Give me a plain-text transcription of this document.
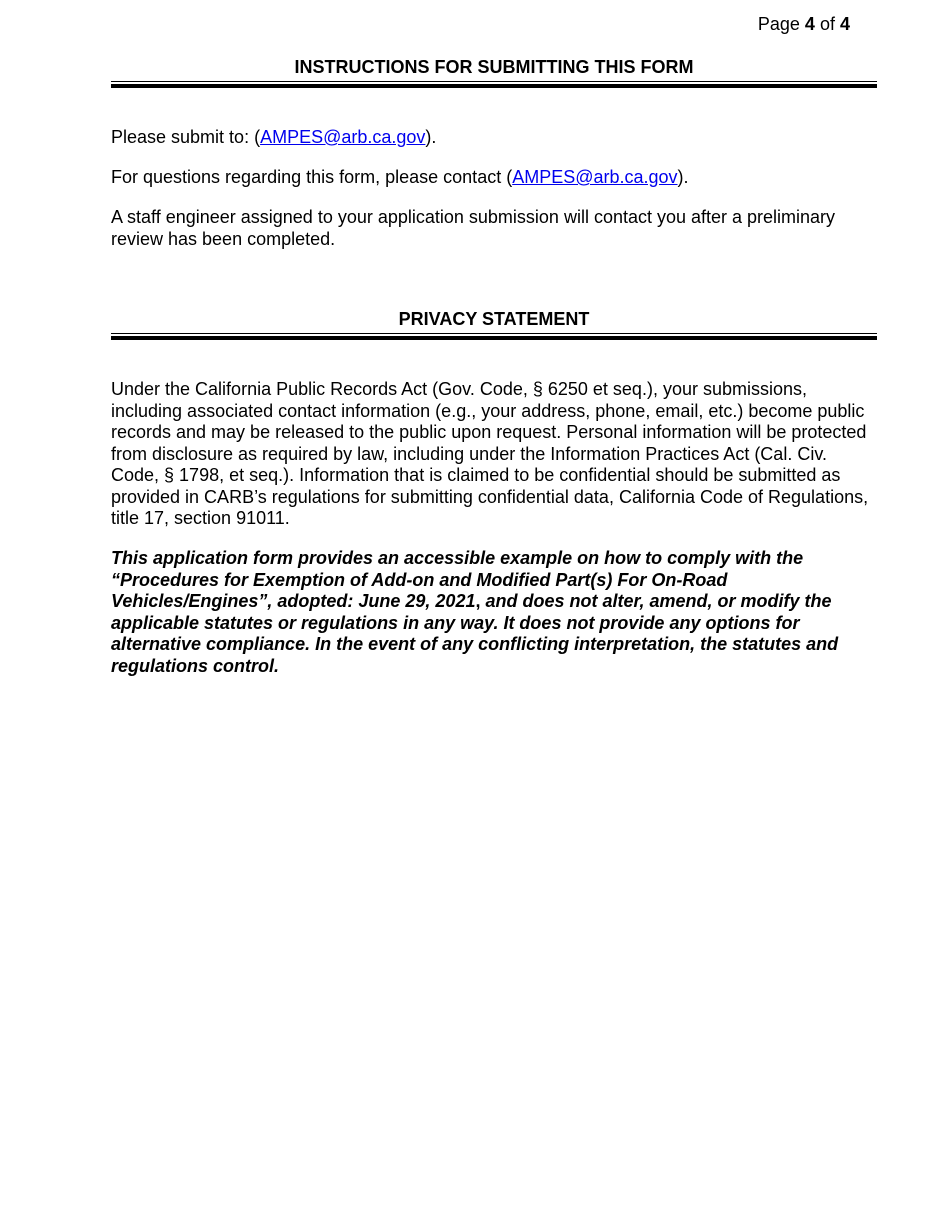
Page 4 of 4
INSTRUCTIONS FOR SUBMITTING THIS FORM

Please submit to: (AMPES@arb.ca.gov).

For questions regarding this form, please contact (AMPES@arb.ca.gov).

A staff engineer assigned to your application submission will contact you after a preliminary review has been completed.

PRIVACY STATEMENT

Under the California Public Records Act (Gov. Code, § 6250 et seq.), your submissions, including associated contact information (e.g., your address, phone, email, etc.) become public records and may be released to the public upon request. Personal information will be protected from disclosure as required by law, including under the Information Practices Act (Cal. Civ. Code, § 1798, et seq.). Information that is claimed to be confidential should be submitted as provided in CARB’s regulations for submitting confidential data, California Code of Regulations, title 17, section 91011.

This application form provides an accessible example on how to comply with the “Procedures for Exemption of Add-on and Modified Part(s) For On-Road Vehicles/Engines”, adopted: June 29, 2021, and does not alter, amend, or modify the applicable statutes or regulations in any way. It does not provide any options for alternative compliance. In the event of any conflicting interpretation, the statutes and regulations control.
